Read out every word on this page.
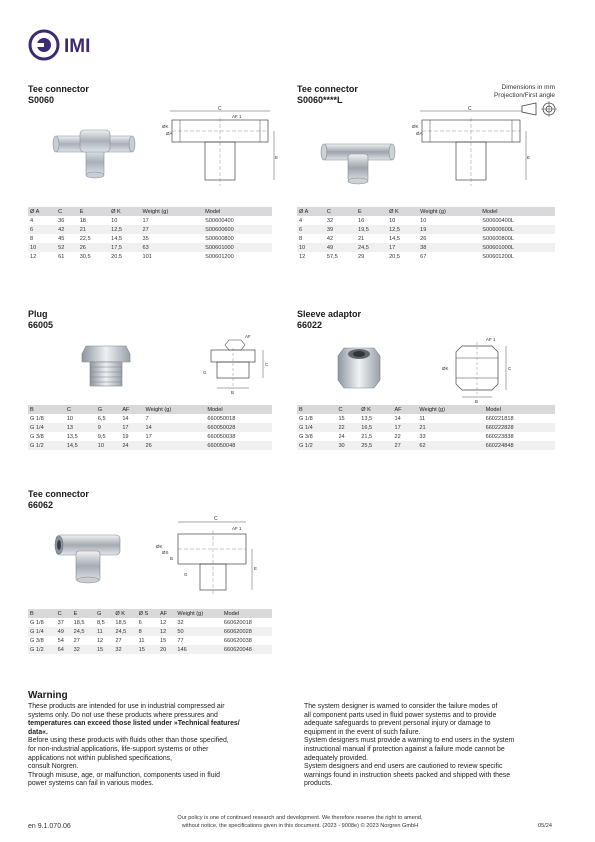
IMI
Dimensions in mm
Projection/First angle
Tee connector
S0060
C
AF 1
ØK
ØA
E
Ø A	C	E	Ø K	Weight (g)	Model
4	36	18	10	17	S00600400
6	42	21	12,5	27	S00600600
8	45	22,5	14,5	35	S00600800
10	52	26	17,5	63	S00601000
12	61	30,5	20,5	101	S00601200
Tee connector
S0060****L
C
ØK
ØA
E
Ø A	C	E	Ø K	Weight (g)	Model
4	32	16	10	10	S00600400L
6	39	19,5	12,5	19	S00600600L
8	42	21	14,5	26	S00600800L
10	49	24,5	17	38	S00601000L
12	57,5	29	20,5	67	S00601200L
Plug
66005
AF
C
G
B
B	C	G	AF	Weight (g)	Model
G 1/8	10	6,5	14	7	660050018
G 1/4	13	9	17	14	660050028
G 3/8	13,5	9,5	19	17	660050038
G 1/2	14,5	10	24	26	660050048
Sleeve adaptor
66022
AF 1
C
ØK
B
B	C	Ø K	AF	Weight (g)	Model
G 1/8	15	13,5	14	11	660221818
G 1/4	22	16,5	17	21	660222828
G 3/8	24	21,5	22	33	660223838
G 1/2	30	25,5	27	62	660224848
Tee connector
66062
C
AF 1
ØK
ØS
B
G
E
B	C	E	G	Ø K	Ø S	AF	Weight (g)	Model
G 1/8	37	18,5	8,5	18,5	6	12	32	660620018
G 1/4	49	24,5	11	24,5	8	12	50	660620028
G 3/8	54	27	12	27	11	15	77	660620038
G 1/2	64	32	15	32	15	20	146	660620048
Warning
These products are intended for use in industrial compressed air
systems only. Do not use these products where pressures and
temperatures can exceed those listed under »Technical features/
data«.
Before using these products with fluids other than those specified,
for non-industrial applications, life-support systems or other
applications not within published specifications,
consult Norgren.
Through misuse, age, or malfunction, components used in fluid
power systems can fail in various modes.
The system designer is warned to consider the failure modes of
all component parts used in fluid power systems and to provide
adequate safeguards to prevent personal injury or damage to
equipment in the event of such failure.
System designers must provide a warning to end users in the system
instructional manual if protection against a failure mode cannot be
adequately provided.
System designers and end users are cautioned to review specific
warnings found in instruction sheets packed and shipped with these
products.
en 9.1.070.06
Our policy is one of continued research and development. We therefore reserve the right to amend,
without notice, the specifications given in this document. (2023 - 9008e) © 2023 Norgren GmbH	05/24
